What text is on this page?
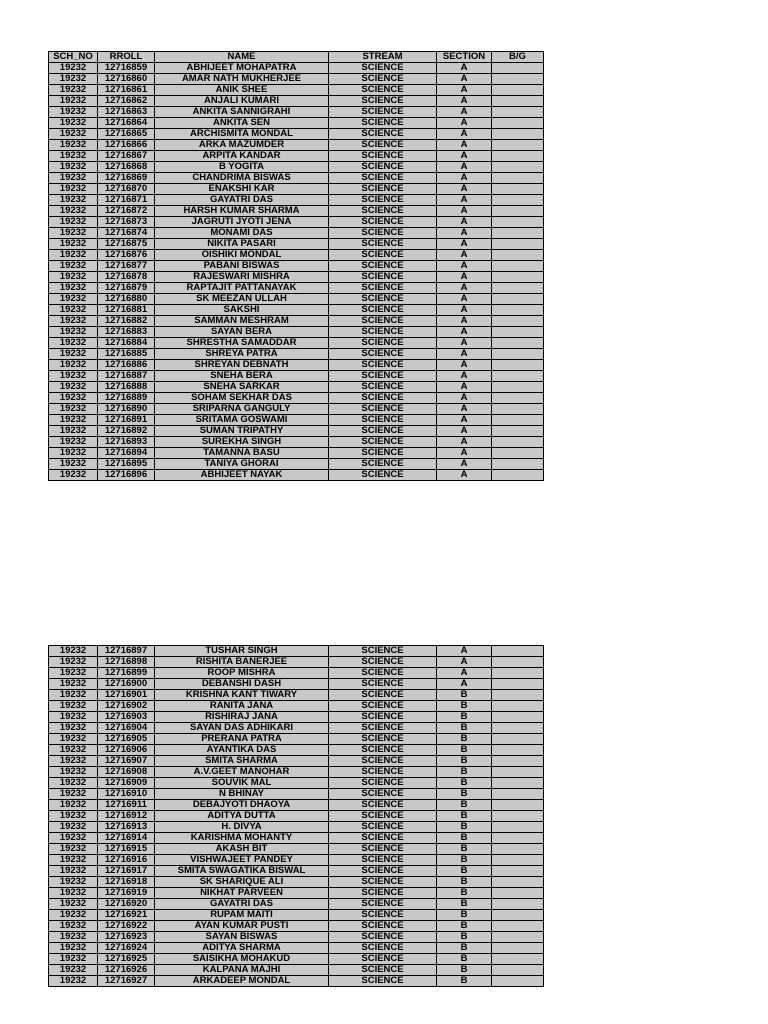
SCH_NO	RROLL	NAME	STREAM	SECTION	B/G
19232	12716859	ABHIJEET MOHAPATRA	SCIENCE	A	
19232	12716860	AMAR NATH MUKHERJEE	SCIENCE	A	
19232	12716861	ANIK SHEE	SCIENCE	A	
19232	12716862	ANJALI KUMARI	SCIENCE	A	
19232	12716863	ANKITA SANNIGRAHI	SCIENCE	A	
19232	12716864	ANKITA SEN	SCIENCE	A	
19232	12716865	ARCHISMITA MONDAL	SCIENCE	A	
19232	12716866	ARKA MAZUMDER	SCIENCE	A	
19232	12716867	ARPITA KANDAR	SCIENCE	A	
19232	12716868	B YOGITA	SCIENCE	A	
19232	12716869	CHANDRIMA BISWAS	SCIENCE	A	
19232	12716870	ENAKSHI KAR	SCIENCE	A	
19232	12716871	GAYATRI DAS	SCIENCE	A	
19232	12716872	HARSH KUMAR SHARMA	SCIENCE	A	
19232	12716873	JAGRUTI JYOTI JENA	SCIENCE	A	
19232	12716874	MONAMI DAS	SCIENCE	A	
19232	12716875	NIKITA PASARI	SCIENCE	A	
19232	12716876	OISHIKI MONDAL	SCIENCE	A	
19232	12716877	PABANI BISWAS	SCIENCE	A	
19232	12716878	RAJESWARI MISHRA	SCIENCE	A	
19232	12716879	RAPTAJIT PATTANAYAK	SCIENCE	A	
19232	12716880	SK MEEZAN ULLAH	SCIENCE	A	
19232	12716881	SAKSHI	SCIENCE	A	
19232	12716882	SAMMAN MESHRAM	SCIENCE	A	
19232	12716883	SAYAN BERA	SCIENCE	A	
19232	12716884	SHRESTHA SAMADDAR	SCIENCE	A	
19232	12716885	SHREYA PATRA	SCIENCE	A	
19232	12716886	SHREYAN DEBNATH	SCIENCE	A	
19232	12716887	SNEHA BERA	SCIENCE	A	
19232	12716888	SNEHA SARKAR	SCIENCE	A	
19232	12716889	SOHAM SEKHAR DAS	SCIENCE	A	
19232	12716890	SRIPARNA GANGULY	SCIENCE	A	
19232	12716891	SRITAMA GOSWAMI	SCIENCE	A	
19232	12716892	SUMAN TRIPATHY	SCIENCE	A	
19232	12716893	SUREKHA SINGH	SCIENCE	A	
19232	12716894	TAMANNA BASU	SCIENCE	A	
19232	12716895	TANIYA GHORAI	SCIENCE	A	
19232	12716896	ABHIJEET NAYAK	SCIENCE	A	
19232	12716897	TUSHAR SINGH	SCIENCE	A	
19232	12716898	RISHITA BANERJEE	SCIENCE	A	
19232	12716899	ROOP MISHRA	SCIENCE	A	
19232	12716900	DEBANSHI DASH	SCIENCE	A	
19232	12716901	KRISHNA KANT TIWARY	SCIENCE	B	
19232	12716902	RANITA JANA	SCIENCE	B	
19232	12716903	RISHIRAJ JANA	SCIENCE	B	
19232	12716904	SAYAN DAS ADHIKARI	SCIENCE	B	
19232	12716905	PRERANA PATRA	SCIENCE	B	
19232	12716906	AYANTIKA DAS	SCIENCE	B	
19232	12716907	SMITA SHARMA	SCIENCE	B	
19232	12716908	A.V.GEET MANOHAR	SCIENCE	B	
19232	12716909	SOUVIK MAL	SCIENCE	B	
19232	12716910	N BHINAY	SCIENCE	B	
19232	12716911	DEBAJYOTI DHAOYA	SCIENCE	B	
19232	12716912	ADITYA DUTTA	SCIENCE	B	
19232	12716913	H. DIVYA	SCIENCE	B	
19232	12716914	KARISHMA MOHANTY	SCIENCE	B	
19232	12716915	AKASH BIT	SCIENCE	B	
19232	12716916	VISHWAJEET PANDEY	SCIENCE	B	
19232	12716917	SMITA SWAGATIKA BISWAL	SCIENCE	B	
19232	12716918	SK SHARIQUE ALI	SCIENCE	B	
19232	12716919	NIKHAT PARVEEN	SCIENCE	B	
19232	12716920	GAYATRI DAS	SCIENCE	B	
19232	12716921	RUPAM MAITI	SCIENCE	B	
19232	12716922	AYAN KUMAR PUSTI	SCIENCE	B	
19232	12716923	SAYAN BISWAS	SCIENCE	B	
19232	12716924	ADITYA SHARMA	SCIENCE	B	
19232	12716925	SAISIKHA MOHAKUD	SCIENCE	B	
19232	12716926	KALPANA MAJHI	SCIENCE	B	
19232	12716927	ARKADEEP MONDAL	SCIENCE	B	
